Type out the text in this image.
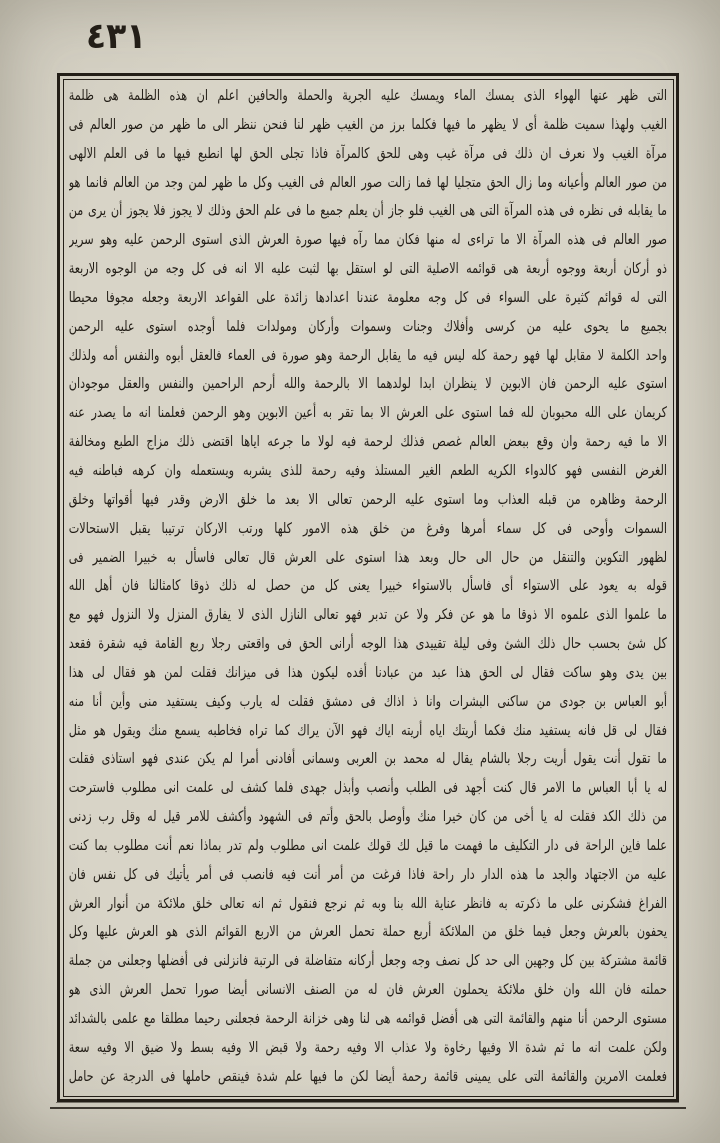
٤٣١
التى ظهر عنها الهواء الذى يمسك الماء ويمسك عليه الجرية والحملة والحافين اعلم ان هذه الظلمة هى ظلمة
الغيب ولهذا سميت ظلمة أى لا يظهر ما فيها فكلما برز من الغيب ظهر لنا فنحن ننظر الى ما ظهر من صور العالم فى
مرآة الغيب ولا نعرف ان ذلك فى مرآة غيب وهى للحق كالمرآة فاذا تجلى الحق لها انطبع فيها ما فى العلم الالهى
من صور العالم وأعيانه وما زال الحق متجليا لها فما زالت صور العالم فى الغيب وكل ما ظهر لمن وجد من العالم فانما هو
ما يقابله فى نظره فى هذه المرآة التى هى الغيب فلو جاز أن يعلم جميع ما فى علم الحق وذلك لا يجوز فلا يجوز أن يرى من
صور العالم فى هذه المرآة الا ما تراءى له منها فكان مما رآه فيها صورة العرش الذى استوى الرحمن عليه وهو سرير
ذو أركان أربعة ووجوه أربعة هى قوائمه الاصلية التى لو استقل بها لثبت عليه الا انه فى كل وجه من الوجوه الاربعة
التى له قوائم كثيرة على السواء فى كل وجه معلومة عندنا اعدادها زائدة على القواعد الاربعة وجعله مجوفا محيطا
بجميع ما يحوى عليه من كرسى وأفلاك وجنات وسموات وأركان ومولدات فلما أوجده استوى عليه الرحمن
واحد الكلمة لا مقابل لها فهو رحمة كله ليس فيه ما يقابل الرحمة وهو صورة فى العماء فالعقل أبوه والنفس أمه ولذلك
استوى عليه الرحمن فان الابوين لا ينظران ابدا لولدهما الا بالرحمة والله أرحم الراحمين والنفس والعقل موجودان
كريمان على الله محبوبان لله فما استوى على العرش الا بما تقر به أعين الابوين وهو الرحمن فعلمنا انه ما يصدر عنه
الا ما فيه رحمة وان وقع ببعض العالم غصص فذلك لرحمة فيه لولا ما جرعه اياها اقتضى ذلك مزاج الطبع ومخالفة
الغرض النفسى فهو كالدواء الكريه الطعم الغير المستلذ وفيه رحمة للذى يشربه ويستعمله وان كرهه فباطنه فيه
الرحمة وظاهره من قبله العذاب وما استوى عليه الرحمن تعالى الا بعد ما خلق الارض وقدر فيها أقواتها وخلق
السموات وأوحى فى كل سماء أمرها وفرغ من خلق هذه الامور كلها ورتب الاركان ترتيبا يقبل الاستحالات
لظهور التكوين والتنقل من حال الى حال وبعد هذا استوى على العرش قال تعالى فاسأل به خبيرا الضمير فى
قوله به يعود على الاستواء أى فاسأل بالاستواء خبيرا يعنى كل من حصل له ذلك ذوقا كامثالنا فان أهل الله
ما علموا الذى علموه الا ذوقا ما هو عن فكر ولا عن تدبر فهو تعالى النازل الذى لا يفارق المنزل ولا النزول فهو مع
كل شئ بحسب حال ذلك الشئ وفى ليلة تقييدى هذا الوجه أرانى الحق فى واقعتى رجلا ربع القامة فيه شقرة فقعد
بين يدى وهو ساكت فقال لى الحق هذا عبد من عبادنا أفده ليكون هذا فى ميزانك فقلت لمن هو فقال لى هذا
أبو العباس بن جودى من ساكنى البشرات وانا ذ اذاك فى دمشق فقلت له يارب وكيف يستفيد منى وأين أنا منه
فقال لى قل فانه يستفيد منك فكما أريتك اياه أريته اياك فهو الآن يراك كما تراه فخاطبه يسمع منك ويقول هو مثل
ما تقول أنت يقول أريت رجلا بالشام يقال له محمد بن العربى وسمانى أفادنى أمرا لم يكن عندى فهو استاذى فقلت
له يا أبا العباس ما الامر قال كنت أجهد فى الطلب وأنصب وأبذل جهدى فلما كشف لى علمت انى مطلوب فاسترحت
من ذلك الكد فقلت له يا أخى من كان خيرا منك وأوصل بالحق وأتم فى الشهود وأكشف للامر قيل له وقل رب زدنى
علما فاين الراحة فى دار التكليف ما فهمت ما قيل لك قولك علمت انى مطلوب ولم تدر بماذا نعم أنت مطلوب بما كنت
عليه من الاجتهاد والجد ما هذه الدار دار راحة فاذا فرغت من أمر أنت فيه فانصب فى أمر يأتيك فى كل نفس فان
الفراغ فشكرنى على ما ذكرته به فانظر عناية الله بنا وبه ثم نرجع فنقول ثم انه تعالى خلق ملائكة من أنوار العرش
يحفون بالعرش وجعل فيما خلق من الملائكة أربع حملة تحمل العرش من الاربع القوائم الذى هو العرش عليها وكل
قائمة مشتركة بين كل وجهين الى حد كل نصف وجه وجعل أركانه متفاضلة فى الرتبة فانزلنى فى أفضلها وجعلنى من جملة
حملته فان الله وان خلق ملائكة يحملون العرش فان له من الصنف الانسانى أيضا صورا تحمل العرش الذى هو
مستوى الرحمن أنا منهم والقائمة التى هى أفضل قوائمه هى لنا وهى خزانة الرحمة فجعلنى رحيما مطلقا مع علمى بالشدائد
ولكن علمت انه ما ثم شدة الا وفيها رخاوة ولا عذاب الا وفيه رحمة ولا قبض الا وفيه بسط ولا ضيق الا وفيه سعة
فعلمت الامرين والقائمة التى على يمينى قائمة رحمة أيضا لكن ما فيها علم شدة فينقص حاملها فى الدرجة عن حامل
